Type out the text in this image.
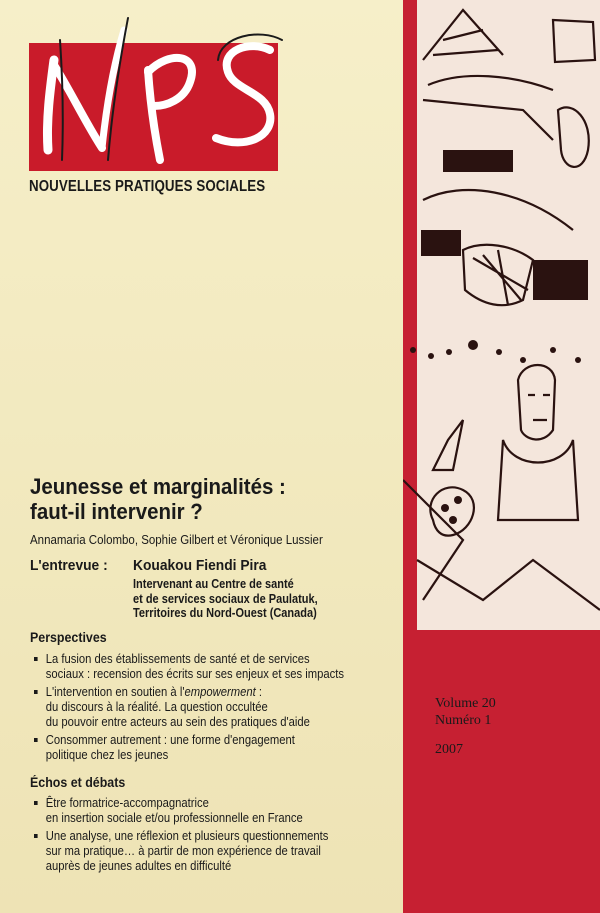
NOUVELLES PRATIQUES SOCIALES
Volume 20
Numéro 1
2007
Jeunesse et marginalités :
faut-il intervenir ?
Annamaria Colombo, Sophie Gilbert et Véronique Lussier
L'entrevue : Kouakou Fiendi Pira
Intervenant au Centre de santé
et de services sociaux de Paulatuk,
Territoires du Nord-Ouest (Canada)
Perspectives
La fusion des établissements de santé et de services
sociaux : recension des écrits sur ses enjeux et ses impacts
L'intervention en soutien à l'empowerment :
du discours à la réalité. La question occultée
du pouvoir entre acteurs au sein des pratiques d'aide
Consommer autrement : une forme d'engagement
politique chez les jeunes
Échos et débats
Être formatrice-accompagnatrice
en insertion sociale et/ou professionnelle en France
Une analyse, une réflexion et plusieurs questionnements
sur ma pratique… à partir de mon expérience de travail
auprès de jeunes adultes en difficulté
